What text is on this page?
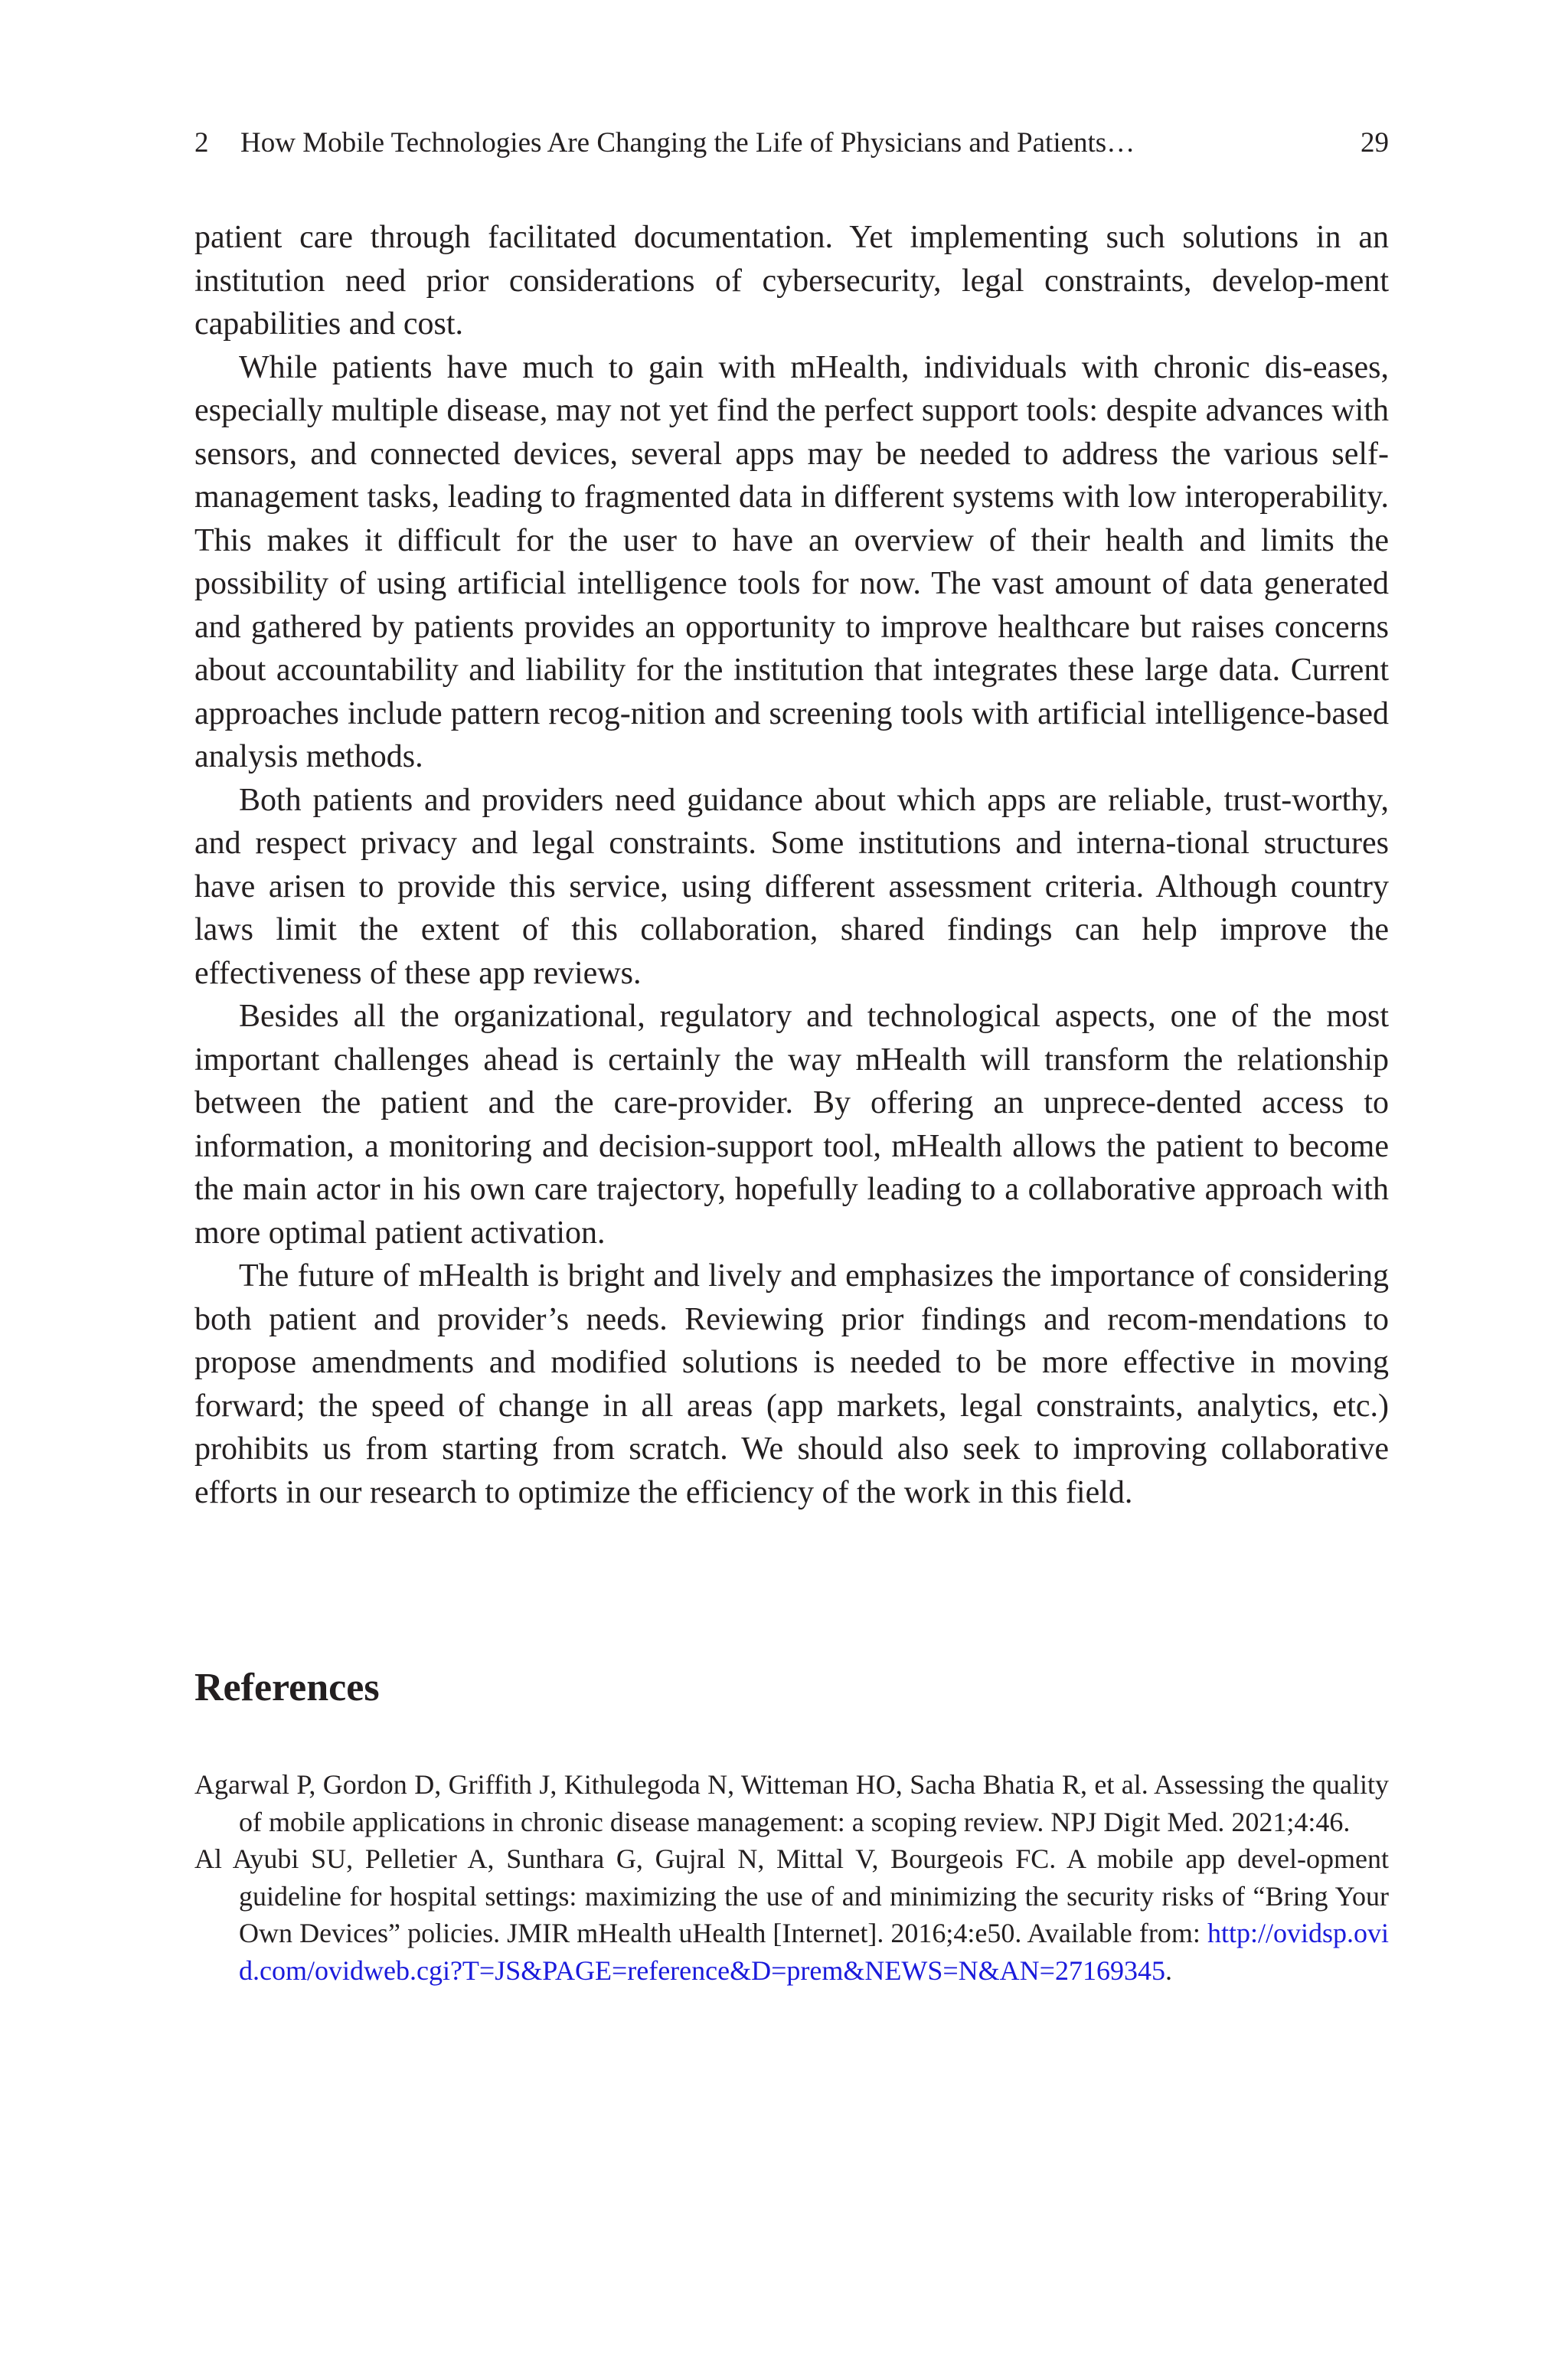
2 How Mobile Technologies Are Changing the Life of Physicians and Patients…	29

patient care through facilitated documentation. Yet implementing such solutions in an institution need prior considerations of cybersecurity, legal constraints, develop-ment capabilities and cost.

While patients have much to gain with mHealth, individuals with chronic dis-eases, especially multiple disease, may not yet find the perfect support tools: despite advances with sensors, and connected devices, several apps may be needed to address the various self-management tasks, leading to fragmented data in different systems with low interoperability. This makes it difficult for the user to have an overview of their health and limits the possibility of using artificial intelligence tools for now. The vast amount of data generated and gathered by patients provides an opportunity to improve healthcare but raises concerns about accountability and liability for the institution that integrates these large data. Current approaches include pattern recog-nition and screening tools with artificial intelligence-based analysis methods.

Both patients and providers need guidance about which apps are reliable, trust-worthy, and respect privacy and legal constraints. Some institutions and interna-tional structures have arisen to provide this service, using different assessment criteria. Although country laws limit the extent of this collaboration, shared findings can help improve the effectiveness of these app reviews.

Besides all the organizational, regulatory and technological aspects, one of the most important challenges ahead is certainly the way mHealth will transform the relationship between the patient and the care-provider. By offering an unprece-dented access to information, a monitoring and decision-support tool, mHealth allows the patient to become the main actor in his own care trajectory, hopefully leading to a collaborative approach with more optimal patient activation.

The future of mHealth is bright and lively and emphasizes the importance of considering both patient and provider’s needs. Reviewing prior findings and recom-mendations to propose amendments and modified solutions is needed to be more effective in moving forward; the speed of change in all areas (app markets, legal constraints, analytics, etc.) prohibits us from starting from scratch. We should also seek to improving collaborative efforts in our research to optimize the efficiency of the work in this field.

References
Agarwal P, Gordon D, Griffith J, Kithulegoda N, Witteman HO, Sacha Bhatia R, et al. Assessing the quality of mobile applications in chronic disease management: a scoping review. NPJ Digit Med. 2021;4:46.
Al Ayubi SU, Pelletier A, Sunthara G, Gujral N, Mittal V, Bourgeois FC. A mobile app devel-opment guideline for hospital settings: maximizing the use of and minimizing the security risks of “Bring Your Own Devices” policies. JMIR mHealth uHealth [Internet]. 2016;4:e50. Available from: http://ovidsp.ovid.com/ovidweb.cgi?T=JS&PAGE=reference&D=prem&NEWS=N&AN=27169345.
